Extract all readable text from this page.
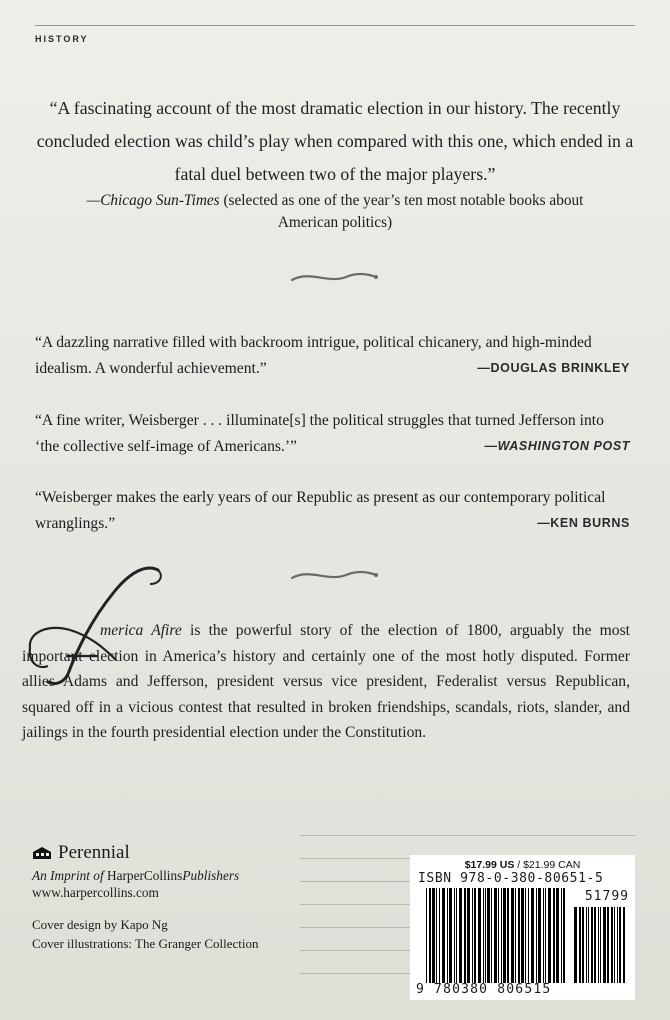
HISTORY
“A fascinating account of the most dramatic election in our history. The recently concluded election was child’s play when compared with this one, which ended in a fatal duel between two of the major players.”
—Chicago Sun-Times (selected as one of the year’s ten most notable books about American politics)
“A dazzling narrative filled with backroom intrigue, political chicanery, and high-minded idealism. A wonderful achievement.”	—DOUGLAS BRINKLEY
“A fine writer, Weisberger . . . illuminate[s] the political struggles that turned Jefferson into ‘the collective self-image of Americans.’”	—WASHINGTON POST
“Weisberger makes the early years of our Republic as present as our contemporary political wranglings.”	—KEN BURNS
merica Afire is the powerful story of the election of 1800, arguably the most important election in America’s history and certainly one of the most hotly disputed. Former allies Adams and Jefferson, president versus vice president, Federalist versus Republican, squared off in a vicious contest that resulted in broken friendships, scandals, riots, slander, and jailings in the fourth presidential election under the Constitution.
Perennial
An Imprint of HarperCollinsPublishers
www.harpercollins.com
Cover design by Kapo Ng
Cover illustrations: The Granger Collection
$17.99 US / $21.99 CAN
ISBN 978-0-380-80651-5
51799
9 780380 806515
